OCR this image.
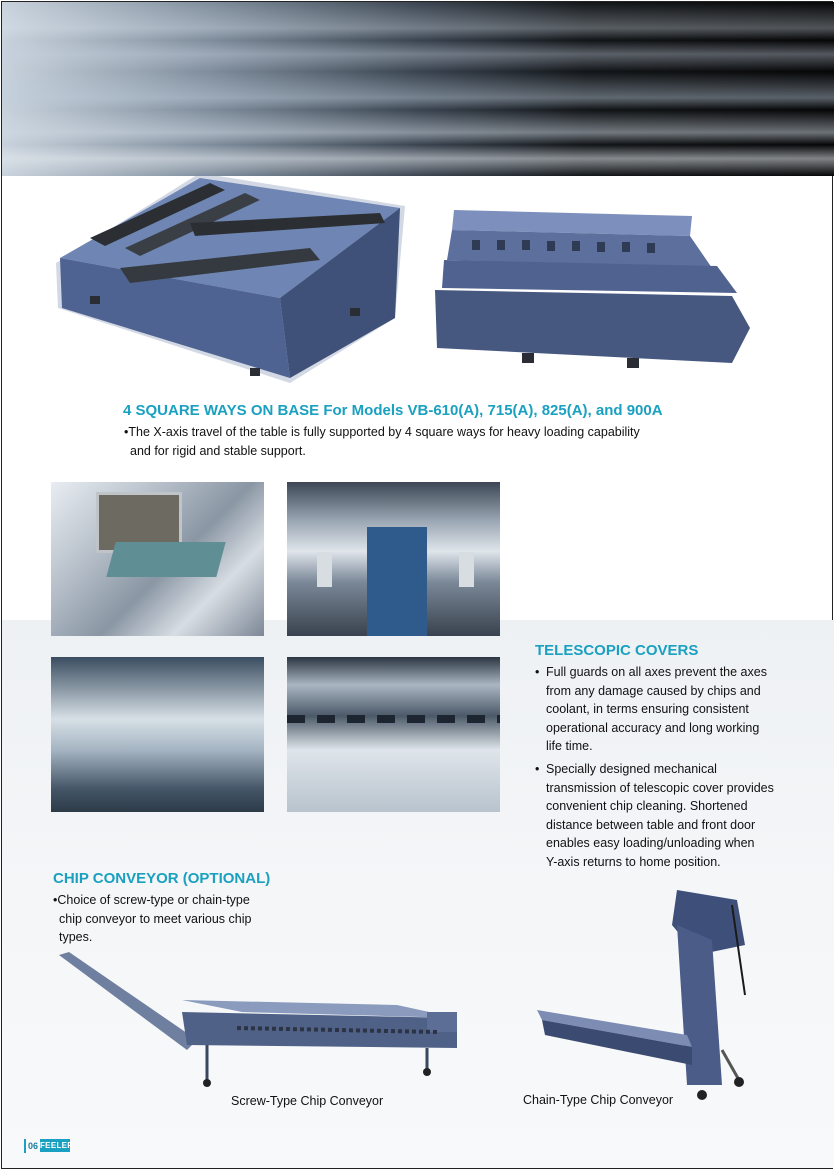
4 SQUARE WAYS ON BASE For Models VB-610(A), 715(A), 825(A), and 900A
•The X-axis travel of the table is fully supported by 4 square ways for heavy loading capability
and for rigid and stable support.
TELESCOPIC COVERS
• Full guards on all axes prevent the axes
from any damage caused by chips and
coolant, in terms ensuring consistent
operational accuracy and long working
life time.
• Specially designed mechanical
transmission of telescopic cover provides
convenient chip cleaning. Shortened
distance between table and front door
enables easy loading/unloading when
Y-axis returns to home position.
CHIP CONVEYOR (OPTIONAL)
•Choice of screw-type or chain-type
chip conveyor to meet various chip
types.
Screw-Type Chip Conveyor	Chain-Type Chip Conveyor
06 FEELER
